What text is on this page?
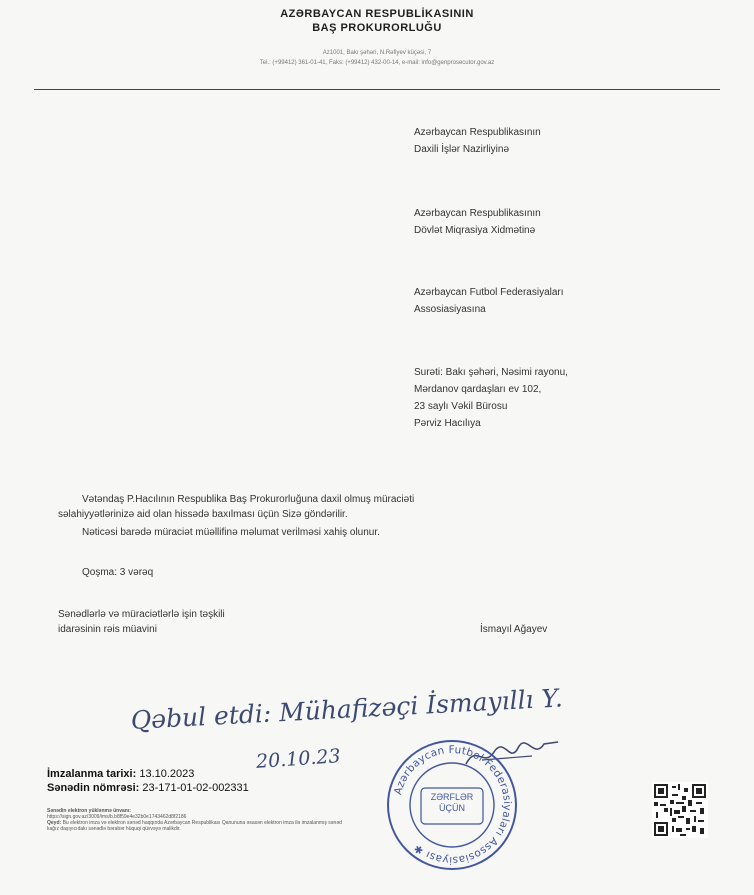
AZƏRBAYCAN RESPUBLİKASININ
BAŞ PROKURORLUĞU
Az1001, Bakı şəhəri, N.Rəfiyev küçəsi, 7
Tel.: (+99412) 361-01-41, Faks: (+99412) 432-00-14, e-mail: info@genprosecutor.gov.az
Azərbaycan Respublikasının
Daxili İşlər Nazirliyinə
Azərbaycan Respublikasının
Dövlət Miqrasiya Xidmətinə
Azərbaycan Futbol Federasiyaları
Assosiasiyasına
Surəti: Bakı şəhəri, Nəsimi rayonu,
Mərdanov qardaşları ev 102,
23 saylı Vəkil Bürosu
Pərviz Hacılıya
Vətəndaş P.Hacılının Respublika Baş Prokurorluğuna daxil olmuş müraciəti
səlahiyyətlərinizə aid olan hissədə baxılması üçün Sizə göndərilir.
Nəticəsi barədə müraciət müəllifinə məlumat verilməsi xahiş olunur.
Qoşma: 3 vərəq
Sənədlərlə və müraciətlərlə işin təşkili
idarəsinin rəis müavini	İsmayıl Ağayev
Qəbul etdi: Mühafizəçi İsmayıllı Y.
20.10.23
Azərbaycan Futbol Federasiyaları Assosiasiyası ✱
ZƏRFLƏR
ÜÇÜN
İmzalanma tarixi: 13.10.2023
Sənədin nömrəsi: 23-171-01-02-002331
Sənədin elektron yüklənmə ünvanı:
https://sign.gov.az/3009/ims/b.b8f59e4e32b0e1743462d8f2186
Qeyd: Bu elektron imza və elektron sənəd haqqında Azərbaycan Respublikası Qanununa əsasən elektron imza ilə imzalanmış sənəd kağız daşıyıcıdakı sənədlə bərabər hüquqi qüvvəyə malikdir.
